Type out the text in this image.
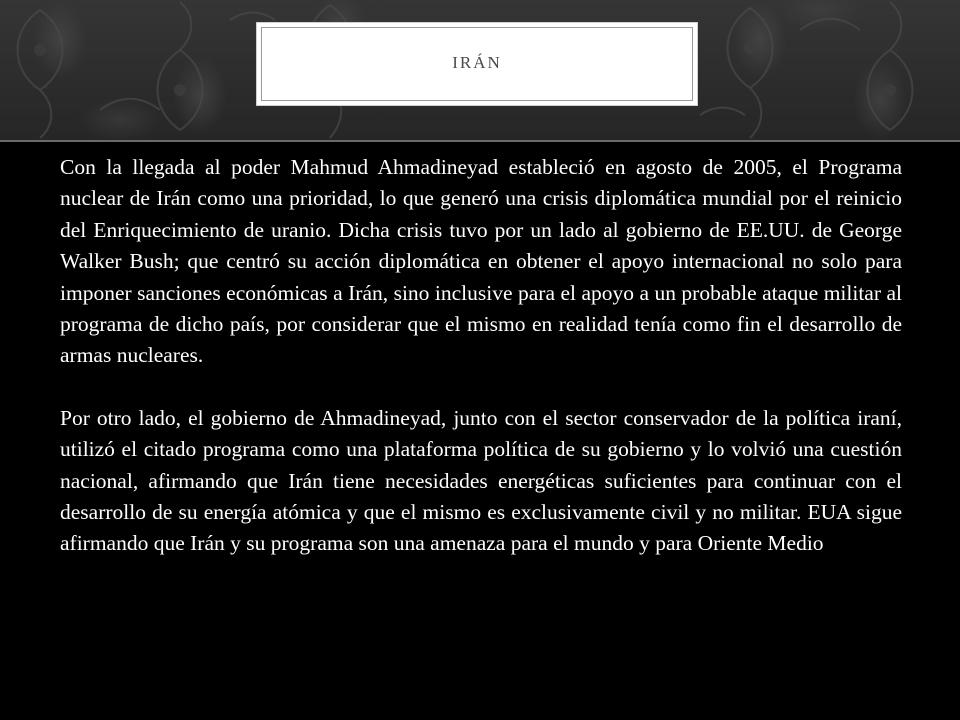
IRÁN

Con la llegada al poder Mahmud Ahmadineyad estableció en agosto de 2005, el Programa nuclear de Irán como una prioridad, lo que generó una crisis diplomática mundial por el reinicio del Enriquecimiento de uranio. Dicha crisis tuvo por un lado al gobierno de EE.UU. de George Walker Bush; que centró su acción diplomática en obtener el apoyo internacional no solo para imponer sanciones económicas a Irán, sino inclusive para el apoyo a un probable ataque militar al programa de dicho país, por considerar que el mismo en realidad tenía como fin el desarrollo de armas nucleares.

Por otro lado, el gobierno de Ahmadineyad, junto con el sector conservador de la política iraní, utilizó el citado programa como una plataforma política de su gobierno y lo volvió una cuestión nacional, afirmando que Irán tiene necesidades energéticas suficientes para continuar con el desarrollo de su energía atómica y que el mismo es exclusivamente civil y no militar. EUA sigue afirmando que Irán y su programa son una amenaza para el mundo y para Oriente Medio
